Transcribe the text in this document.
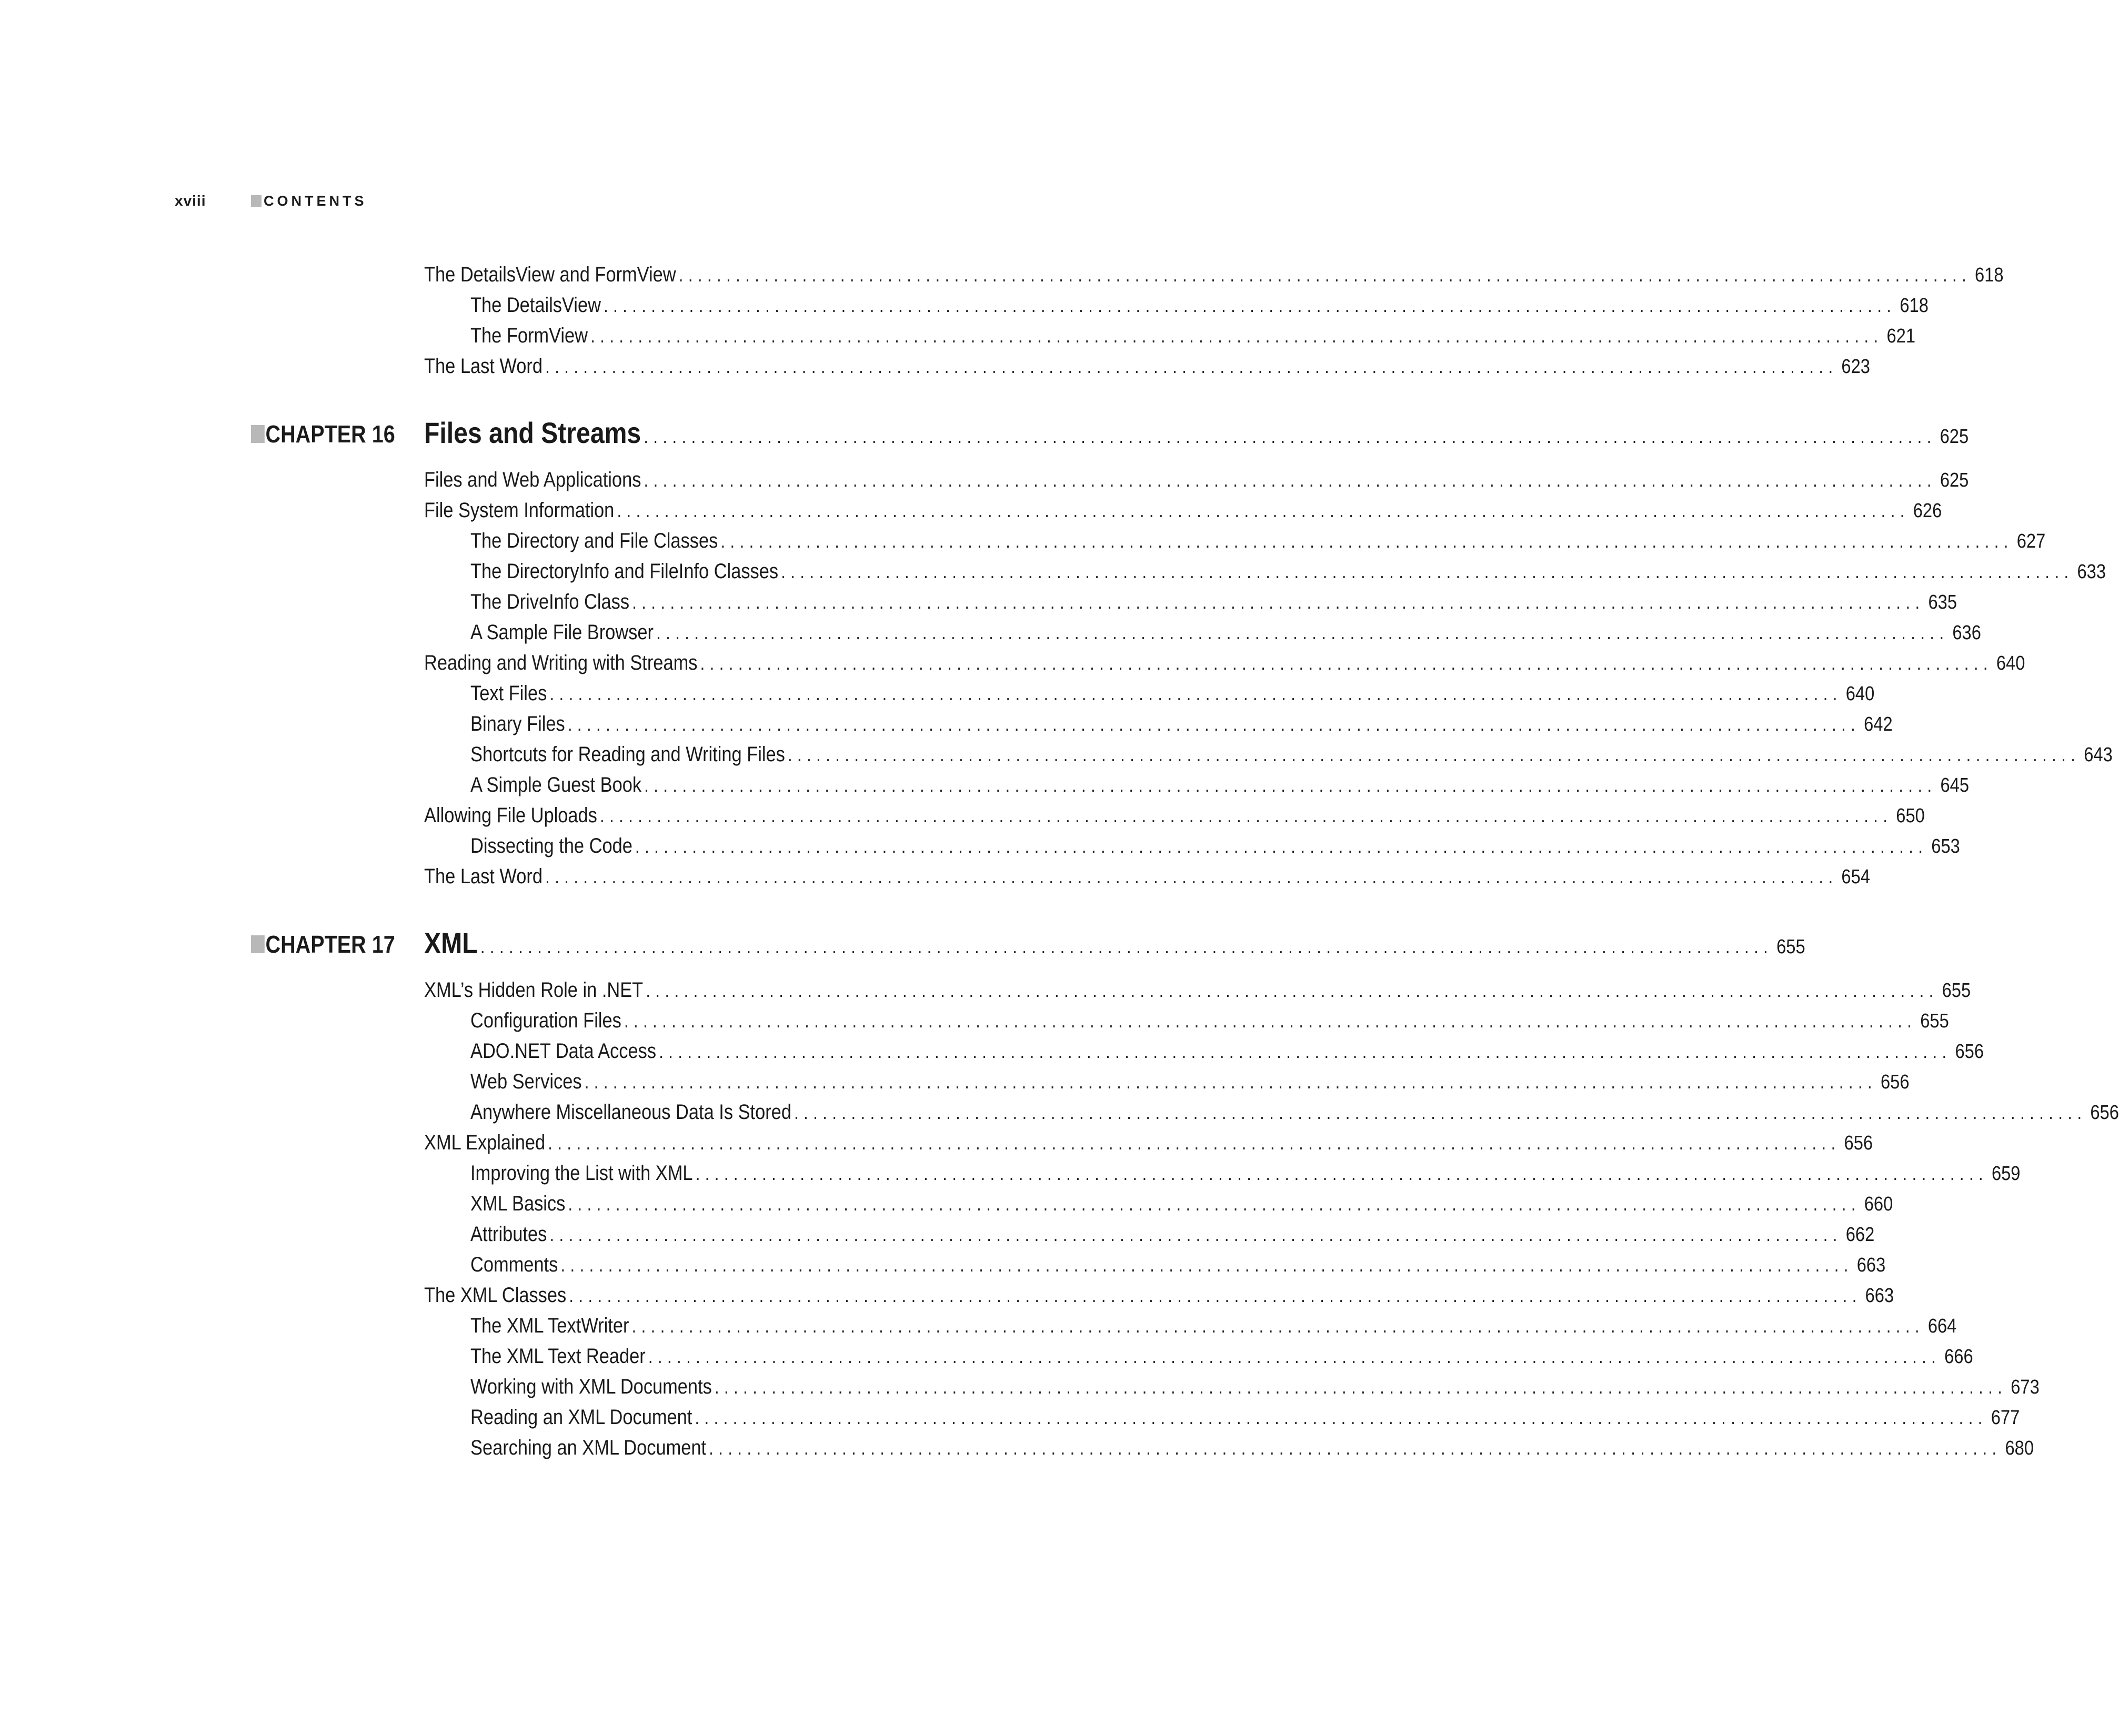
xviii	CONTENTS
The DetailsView and FormView ........................................................................................................................................ 618
The DetailsView ........................................................................................................................................ 618
The FormView ........................................................................................................................................ 621
The Last Word ........................................................................................................................................ 623
CHAPTER 16 Files and Streams ........................................................................................................................................ 625
Files and Web Applications ........................................................................................................................................ 625
File System Information ........................................................................................................................................ 626
The Directory and File Classes ........................................................................................................................................ 627
The DirectoryInfo and FileInfo Classes ........................................................................................................................................ 633
The DriveInfo Class ........................................................................................................................................ 635
A Sample File Browser ........................................................................................................................................ 636
Reading and Writing with Streams ........................................................................................................................................ 640
Text Files ........................................................................................................................................ 640
Binary Files ........................................................................................................................................ 642
Shortcuts for Reading and Writing Files ........................................................................................................................................ 643
A Simple Guest Book ........................................................................................................................................ 645
Allowing File Uploads ........................................................................................................................................ 650
Dissecting the Code ........................................................................................................................................ 653
The Last Word ........................................................................................................................................ 654
CHAPTER 17 XML ........................................................................................................................................ 655
XML’s Hidden Role in .NET ........................................................................................................................................ 655
Configuration Files ........................................................................................................................................ 655
ADO.NET Data Access ........................................................................................................................................ 656
Web Services ........................................................................................................................................ 656
Anywhere Miscellaneous Data Is Stored ........................................................................................................................................ 656
XML Explained ........................................................................................................................................ 656
Improving the List with XML ........................................................................................................................................ 659
XML Basics ........................................................................................................................................ 660
Attributes ........................................................................................................................................ 662
Comments ........................................................................................................................................ 663
The XML Classes ........................................................................................................................................ 663
The XML TextWriter ........................................................................................................................................ 664
The XML Text Reader ........................................................................................................................................ 666
Working with XML Documents ........................................................................................................................................ 673
Reading an XML Document ........................................................................................................................................ 677
Searching an XML Document ........................................................................................................................................ 680
